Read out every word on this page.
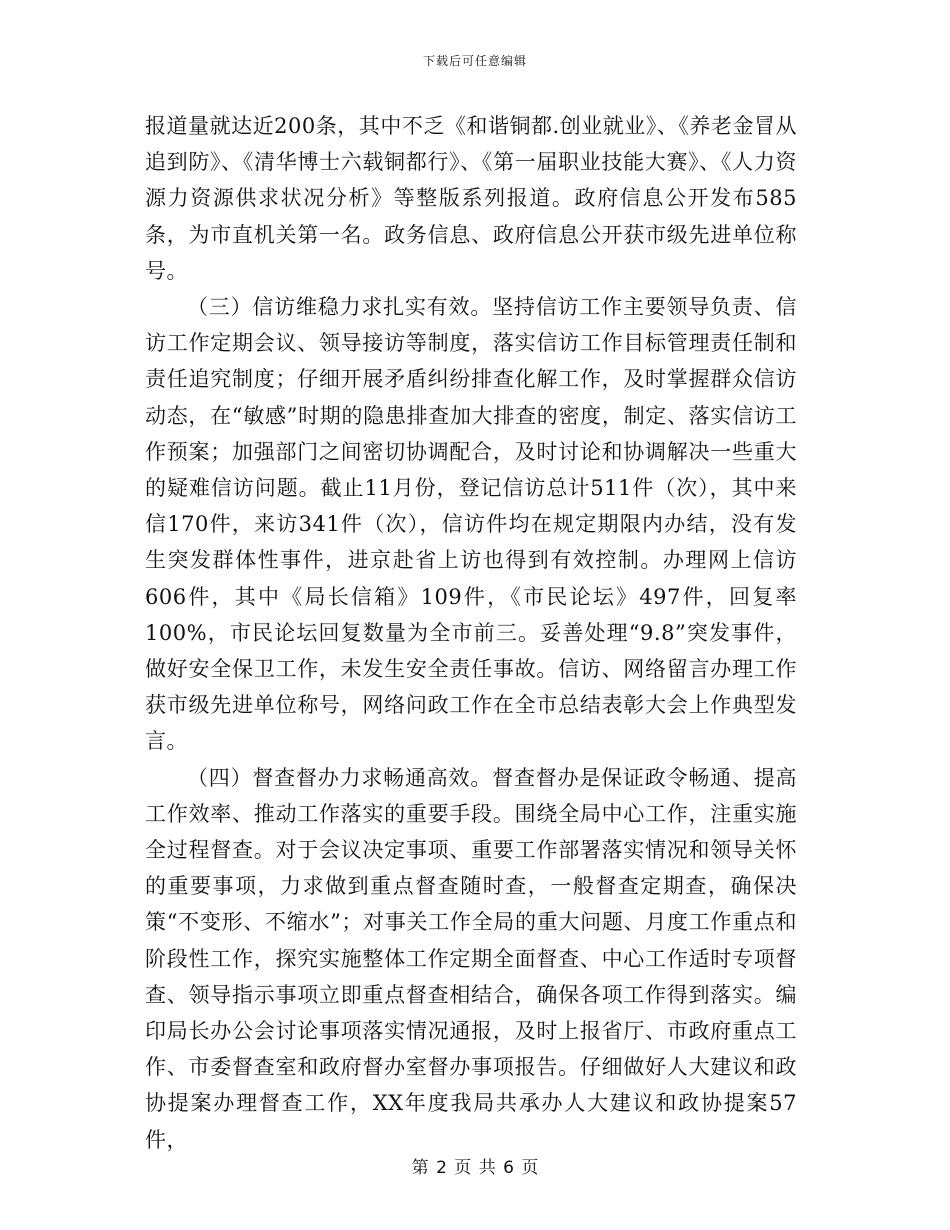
下载后可任意编辑

报道量就达近200条，其中不乏《和谐铜都.创业就业》、《养老金冒从追到防》、《清华博士六载铜都行》、《第一届职业技能大赛》、《人力资源力资源供求状况分析》等整版系列报道。政府信息公开发布585条，为市直机关第一名。政务信息、政府信息公开获市级先进单位称号。

（三）信访维稳力求扎实有效。坚持信访工作主要领导负责、信访工作定期会议、领导接访等制度，落实信访工作目标管理责任制和责任追究制度；仔细开展矛盾纠纷排查化解工作，及时掌握群众信访动态，在“敏感”时期的隐患排查加大排查的密度，制定、落实信访工作预案；加强部门之间密切协调配合，及时讨论和协调解决一些重大的疑难信访问题。截止11月份，登记信访总计511件（次），其中来信170件，来访341件（次），信访件均在规定期限内办结，没有发生突发群体性事件，进京赴省上访也得到有效控制。办理网上信访606件，其中《局长信箱》109件，《市民论坛》497件，回复率100%，市民论坛回复数量为全市前三。妥善处理“9.8”突发事件，做好安全保卫工作，未发生安全责任事故。信访、网络留言办理工作获市级先进单位称号，网络问政工作在全市总结表彰大会上作典型发言。

（四）督查督办力求畅通高效。督查督办是保证政令畅通、提高工作效率、推动工作落实的重要手段。围绕全局中心工作，注重实施全过程督查。对于会议决定事项、重要工作部署落实情况和领导关怀的重要事项，力求做到重点督查随时查，一般督查定期查，确保决策“不变形、不缩水”；对事关工作全局的重大问题、月度工作重点和阶段性工作，探究实施整体工作定期全面督查、中心工作适时专项督查、领导指示事项立即重点督查相结合，确保各项工作得到落实。编印局长办公会讨论事项落实情况通报，及时上报省厅、市政府重点工作、市委督查室和政府督办室督办事项报告。仔细做好人大建议和政协提案办理督查工作，XX年度我局共承办人大建议和政协提案57件，

第 2 页 共 6 页
